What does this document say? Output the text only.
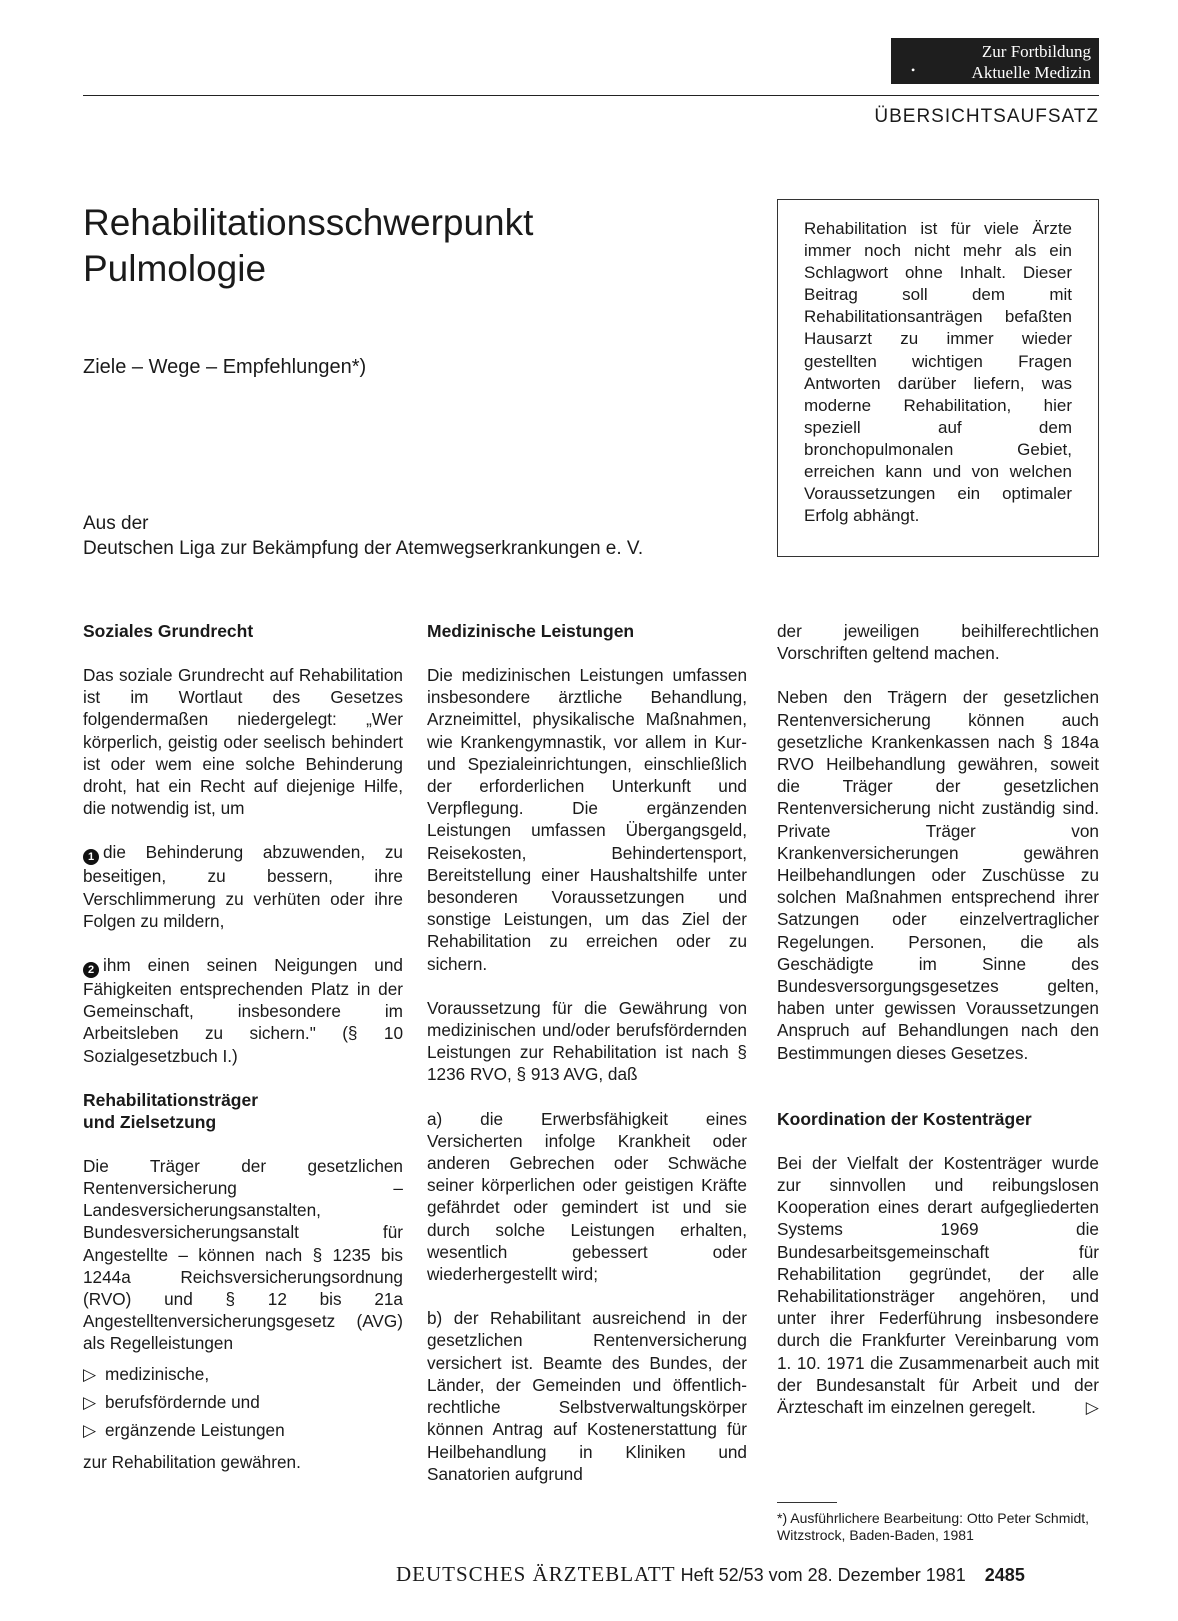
•
Zur Fortbildung
Aktuelle Medizin
ÜBERSICHTSAUFSATZ
Rehabilitationsschwerpunkt
Pulmologie
Ziele – Wege – Empfehlungen*)
Aus der
Deutschen Liga zur Bekämpfung der Atemwegserkrankungen e. V.
Rehabilitation ist für viele Ärzte immer noch nicht mehr als ein Schlagwort ohne Inhalt. Dieser Beitrag soll dem mit Rehabilitationsanträgen befaßten Hausarzt zu immer wieder gestellten wichtigen Fragen Antworten darüber liefern, was moderne Rehabilitation, hier speziell auf dem bronchopulmonalen Gebiet, erreichen kann und von welchen Voraussetzungen ein optimaler Erfolg abhängt.
Soziales Grundrecht

Das soziale Grundrecht auf Rehabilitation ist im Wortlaut des Gesetzes folgendermaßen niedergelegt: „Wer körperlich, geistig oder seelisch behindert ist oder wem eine solche Behinderung droht, hat ein Recht auf diejenige Hilfe, die notwendig ist, um

1 die Behinderung abzuwenden, zu beseitigen, zu bessern, ihre Verschlimmerung zu verhüten oder ihre Folgen zu mildern,

2 ihm einen seinen Neigungen und Fähigkeiten entsprechenden Platz in der Gemeinschaft, insbesondere im Arbeitsleben zu sichern." (§ 10 Sozialgesetzbuch I.)

Rehabilitationsträger
und Zielsetzung

Die Träger der gesetzlichen Rentenversicherung – Landesversicherungsanstalten, Bundesversicherungsanstalt für Angestellte – können nach § 1235 bis 1244a Reichsversicherungsordnung (RVO) und § 12 bis 21a Angestelltenversicherungsgesetz (AVG) als Regelleistungen

▷ medizinische,
▷ berufsfördernde und
▷ ergänzende Leistungen

zur Rehabilitation gewähren.

Medizinische Leistungen

Die medizinischen Leistungen umfassen insbesondere ärztliche Behandlung, Arzneimittel, physikalische Maßnahmen, wie Krankengymnastik, vor allem in Kur- und Spezialeinrichtungen, einschließlich der erforderlichen Unterkunft und Verpflegung. Die ergänzenden Leistungen umfassen Übergangsgeld, Reisekosten, Behindertensport, Bereitstellung einer Haushaltshilfe unter besonderen Voraussetzungen und sonstige Leistungen, um das Ziel der Rehabilitation zu erreichen oder zu sichern.

Voraussetzung für die Gewährung von medizinischen und/oder berufsfördernden Leistungen zur Rehabilitation ist nach § 1236 RVO, § 913 AVG, daß

a) die Erwerbsfähigkeit eines Versicherten infolge Krankheit oder anderen Gebrechen oder Schwäche seiner körperlichen oder geistigen Kräfte gefährdet oder gemindert ist und sie durch solche Leistungen erhalten, wesentlich gebessert oder wiederhergestellt wird;

b) der Rehabilitant ausreichend in der gesetzlichen Rentenversicherung versichert ist. Beamte des Bundes, der Länder, der Gemeinden und öffentlich-rechtliche Selbstverwaltungskörper können Antrag auf Kostenerstattung für Heilbehandlung in Kliniken und Sanatorien aufgrund

der jeweiligen beihilferechtlichen Vorschriften geltend machen.

Neben den Trägern der gesetzlichen Rentenversicherung können auch gesetzliche Krankenkassen nach § 184a RVO Heilbehandlung gewähren, soweit die Träger der gesetzlichen Rentenversicherung nicht zuständig sind. Private Träger von Krankenversicherungen gewähren Heilbehandlungen oder Zuschüsse zu solchen Maßnahmen entsprechend ihrer Satzungen oder einzelvertraglicher Regelungen. Personen, die als Geschädigte im Sinne des Bundesversorgungsgesetzes gelten, haben unter gewissen Voraussetzungen Anspruch auf Behandlungen nach den Bestimmungen dieses Gesetzes.

Koordination der Kostenträger

Bei der Vielfalt der Kostenträger wurde zur sinnvollen und reibungslosen Kooperation eines derart aufgegliederten Systems 1969 die Bundesarbeitsgemeinschaft für Rehabilitation gegründet, der alle Rehabilitationsträger angehören, und unter ihrer Federführung insbesondere durch die Frankfurter Vereinbarung vom 1. 10. 1971 die Zusammenarbeit auch mit der Bundesanstalt für Arbeit und der Ärzteschaft im einzelnen geregelt.	▷

*) Ausführlichere Bearbeitung: Otto Peter Schmidt, Witzstrock, Baden-Baden, 1981
DEUTSCHES ÄRZTEBLATT Heft 52/53 vom 28. Dezember 1981 2485
